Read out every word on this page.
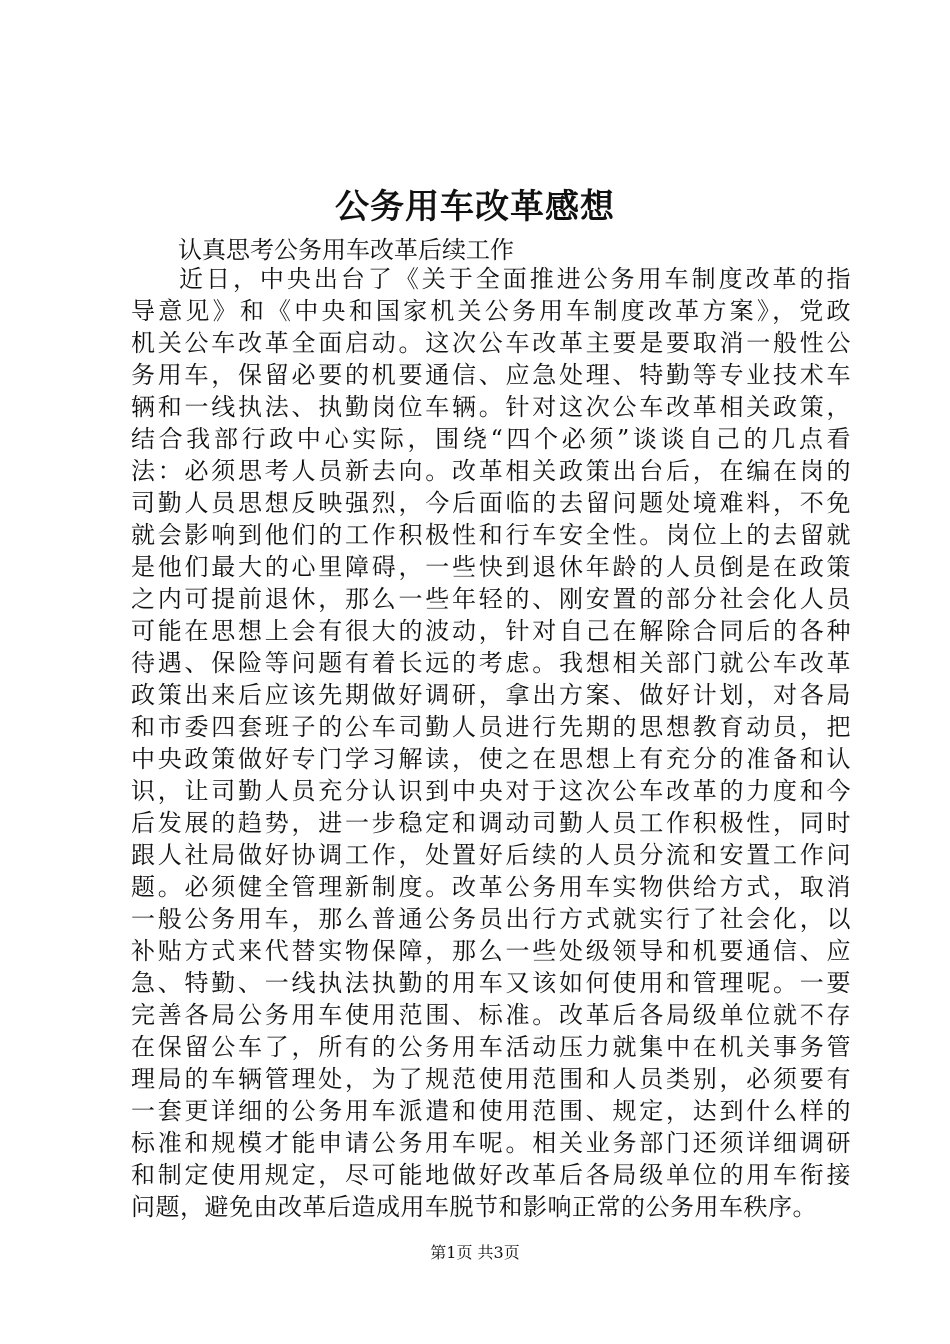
公务用车改革感想

认真思考公务用车改革后续工作

近日，中央出台了《关于全面推进公务用车制度改革的指
导意见》和《中央和国家机关公务用车制度改革方案》，党政
机关公车改革全面启动。这次公车改革主要是要取消一般性公
务用车，保留必要的机要通信、应急处理、特勤等专业技术车
辆和一线执法、执勤岗位车辆。针对这次公车改革相关政策，
结合我部行政中心实际，围绕“四个必须”谈谈自己的几点看
法：必须思考人员新去向。改革相关政策出台后，在编在岗的
司勤人员思想反映强烈，今后面临的去留问题处境难料，不免
就会影响到他们的工作积极性和行车安全性。岗位上的去留就
是他们最大的心里障碍，一些快到退休年龄的人员倒是在政策
之内可提前退休，那么一些年轻的、刚安置的部分社会化人员
可能在思想上会有很大的波动，针对自己在解除合同后的各种
待遇、保险等问题有着长远的考虑。我想相关部门就公车改革
政策出来后应该先期做好调研，拿出方案、做好计划，对各局
和市委四套班子的公车司勤人员进行先期的思想教育动员，把
中央政策做好专门学习解读，使之在思想上有充分的准备和认
识，让司勤人员充分认识到中央对于这次公车改革的力度和今
后发展的趋势，进一步稳定和调动司勤人员工作积极性，同时
跟人社局做好协调工作，处置好后续的人员分流和安置工作问
题。必须健全管理新制度。改革公务用车实物供给方式，取消
一般公务用车，那么普通公务员出行方式就实行了社会化，以
补贴方式来代替实物保障，那么一些处级领导和机要通信、应
急、特勤、一线执法执勤的用车又该如何使用和管理呢。一要
完善各局公务用车使用范围、标准。改革后各局级单位就不存
在保留公车了，所有的公务用车活动压力就集中在机关事务管
理局的车辆管理处，为了规范使用范围和人员类别，必须要有
一套更详细的公务用车派遣和使用范围、规定，达到什么样的
标准和规模才能申请公务用车呢。相关业务部门还须详细调研
和制定使用规定，尽可能地做好改革后各局级单位的用车衔接
问题，避免由改革后造成用车脱节和影响正常的公务用车秩序。
第1页 共3页
